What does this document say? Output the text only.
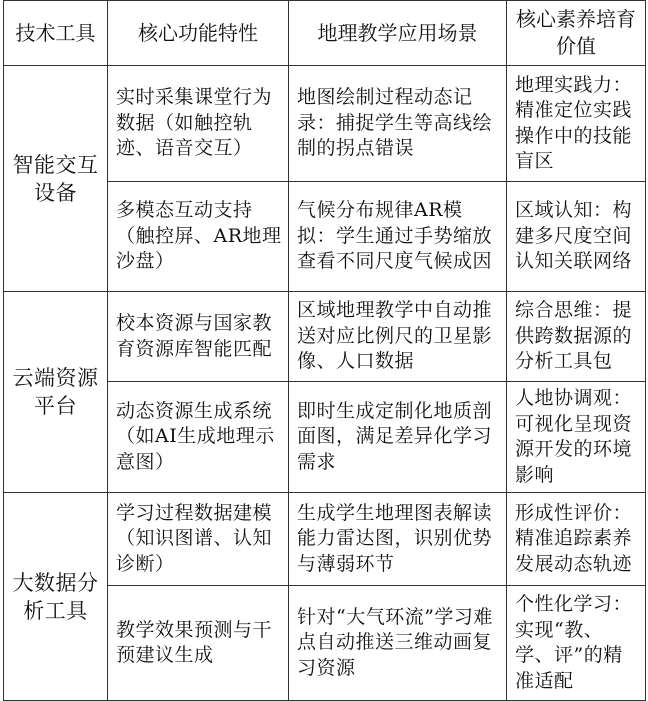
技术工具	核心功能特性	地理教学应用场景	核心素养培育价值
智能交互设备	实时采集课堂行为数据（如触控轨迹、语音交互）	地图绘制过程动态记录：捕捉学生等高线绘制的拐点错误	地理实践力：精准定位实践操作中的技能盲区
	多模态互动支持（触控屏、AR地理沙盘）	气候分布规律AR模拟：学生通过手势缩放查看不同尺度气候成因	区域认知：构建多尺度空间认知关联网络
云端资源平台	校本资源与国家教育资源库智能匹配	区域地理教学中自动推送对应比例尺的卫星影像、人口数据	综合思维：提供跨数据源的分析工具包
	动态资源生成系统（如AI生成地理示意图）	即时生成定制化地质剖面图，满足差异化学习需求	人地协调观：可视化呈现资源开发的环境影响
大数据分析工具	学习过程数据建模（知识图谱、认知诊断）	生成学生地理图表解读能力雷达图，识别优势与薄弱环节	形成性评价：精准追踪素养发展动态轨迹
	教学效果预测与干预建议生成	针对“大气环流”学习难点自动推送三维动画复习资源	个性化学习：实现“教、学、评”的精准适配
